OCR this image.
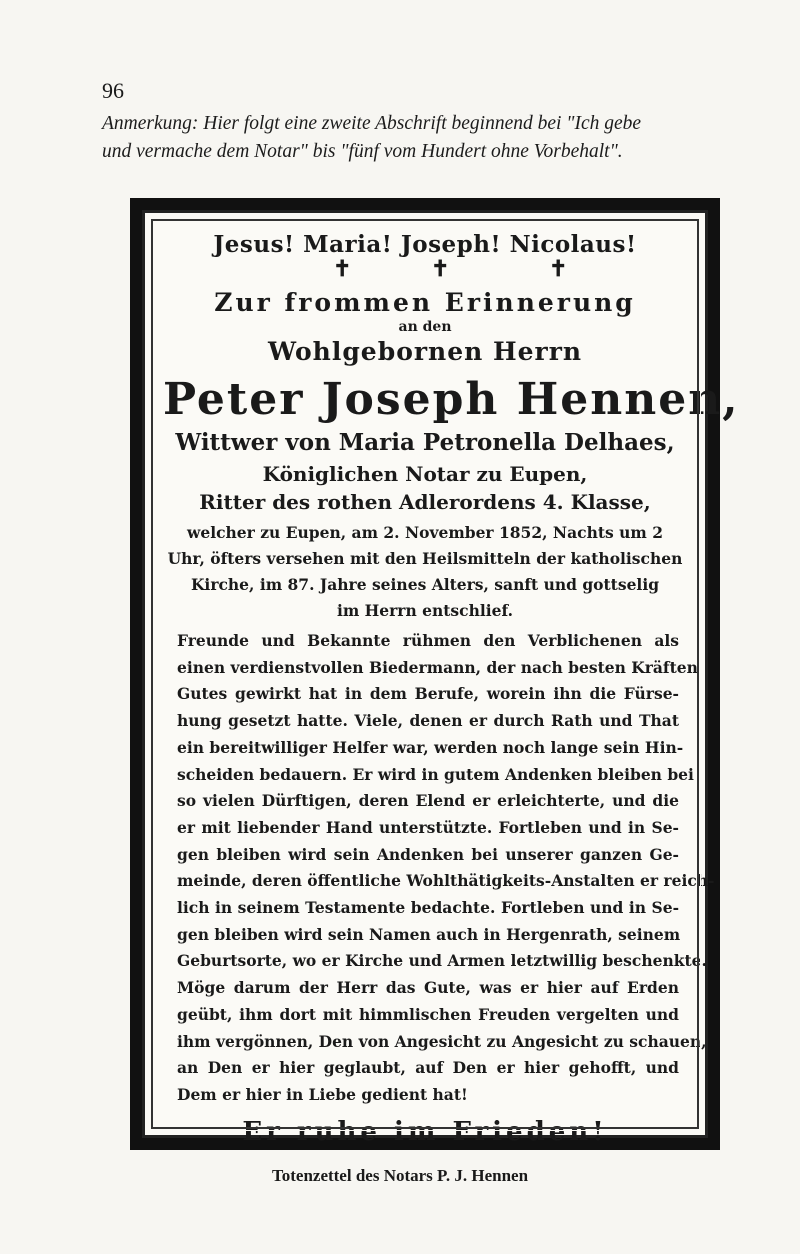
96
Anmerkung: Hier folgt eine zweite Abschrift beginnend bei "Ich gebe
und vermache dem Notar" bis "fünf vom Hundert ohne Vorbehalt".
Jesus! Maria! Joseph! Nicolaus!
✝	✝	✝
Zur frommen Erinnerung
an den
Wohlgebornen Herrn
Peter Joseph Hennen,
Wittwer von Maria Petronella Delhaes,
Königlichen Notar zu Eupen,
Ritter des rothen Adlerordens 4. Klasse,
welcher zu Eupen, am 2. November 1852, Nachts um 2
Uhr, öfters versehen mit den Heilsmitteln der katholischen
Kirche, im 87. Jahre seines Alters, sanft und gottselig
im Herrn entschlief.
Freunde und Bekannte rühmen den Verblichenen als
einen verdienstvollen Biedermann, der nach besten Kräften
Gutes gewirkt hat in dem Berufe, worein ihn die Fürse-
hung gesetzt hatte. Viele, denen er durch Rath und That
ein bereitwilliger Helfer war, werden noch lange sein Hin-
scheiden bedauern. Er wird in gutem Andenken bleiben bei
so vielen Dürftigen, deren Elend er erleichterte, und die
er mit liebender Hand unterstützte. Fortleben und in Se-
gen bleiben wird sein Andenken bei unserer ganzen Ge-
meinde, deren öffentliche Wohlthätigkeits-Anstalten er reich-
lich in seinem Testamente bedachte. Fortleben und in Se-
gen bleiben wird sein Namen auch in Hergenrath, seinem
Geburtsorte, wo er Kirche und Armen letztwillig beschenkte.
Möge darum der Herr das Gute, was er hier auf Erden
geübt, ihm dort mit himmlischen Freuden vergelten und
ihm vergönnen, Den von Angesicht zu Angesicht zu schauen,
an Den er hier geglaubt, auf Den er hier gehofft, und
Dem er hier in Liebe gedient hat!
Er ruhe im Frieden!
Totenzettel des Notars P. J. Hennen
